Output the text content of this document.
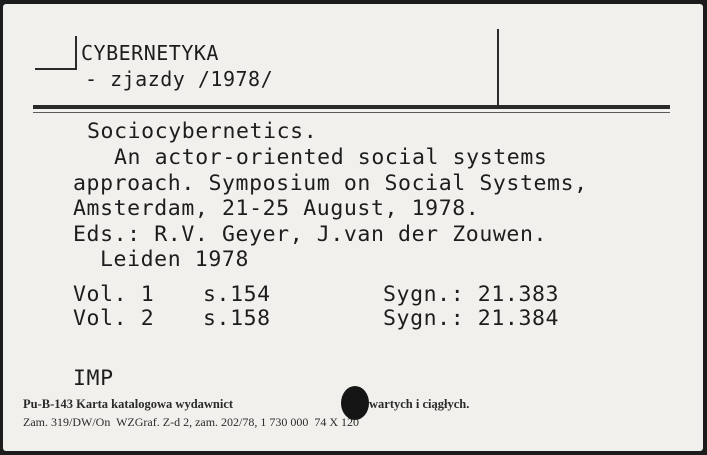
CYBERNETYKA
- zjazdy /1978/
Sociocybernetics.
An actor-oriented social systems
approach. Symposium on Social Systems,
Amsterdam, 21-25 August, 1978.
Eds.: R.V. Geyer, J.van der Zouwen.
Leiden 1978
Vol. 1 s.154	Sygn.: 21.383
Vol. 2 s.158	Sygn.: 21.384
IMP
Pu-B-143 Karta katalogowa wydawnict	wartych i ciągłych.
Zam. 319/DW/On  WZGraf. Z-d 2, zam. 202/78, 1 730 000  74 X 120
